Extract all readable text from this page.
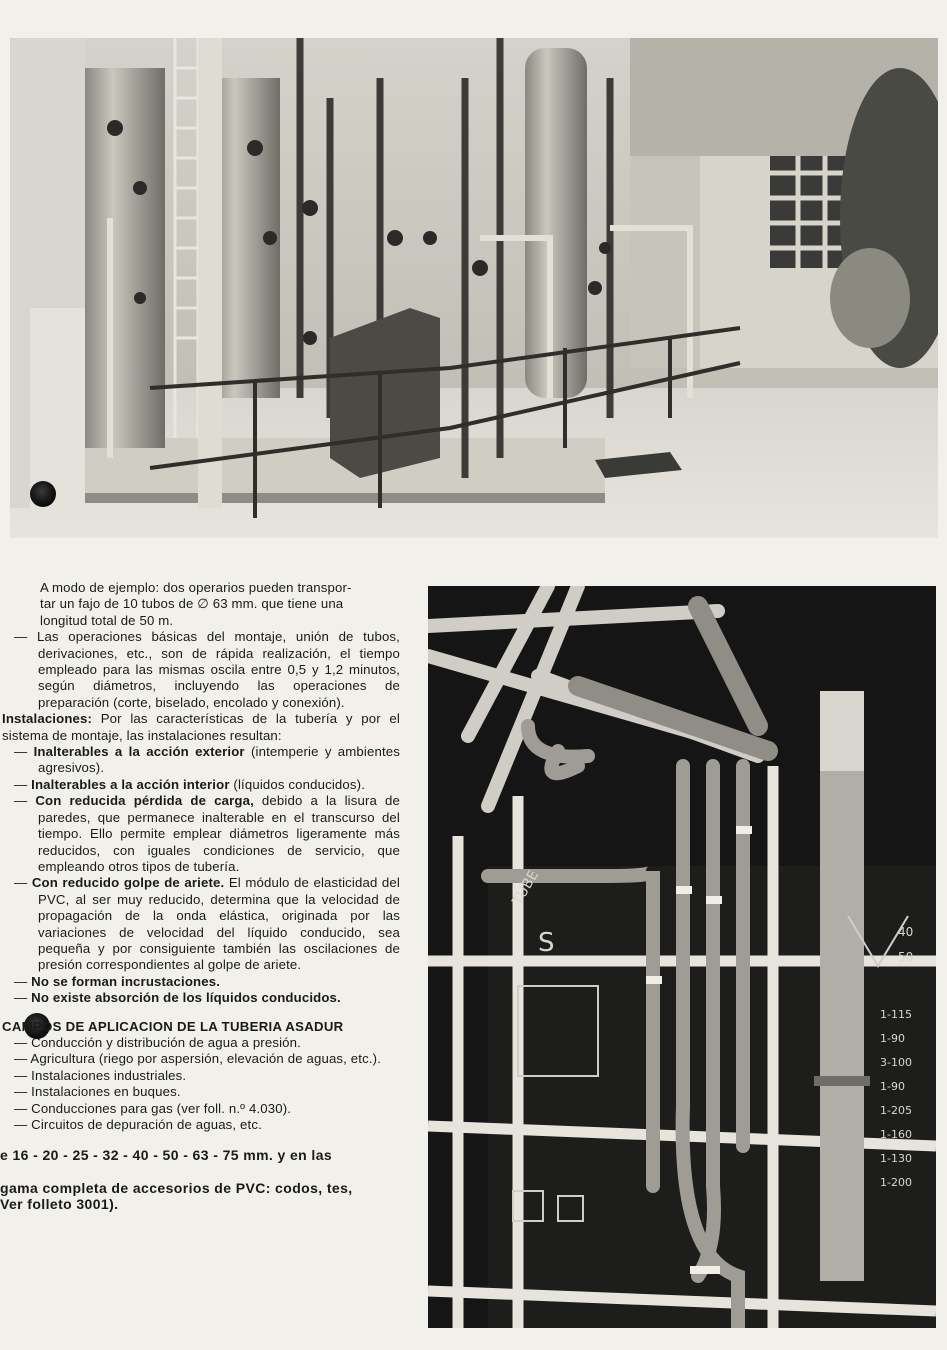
A modo de ejemplo: dos operarios pueden transpor-

tar un fajo de 10 tubos de ∅ 63 mm. que tiene una

longitud total de 50 m.

— Las operaciones básicas del montaje, unión de tubos, derivaciones, etc., son de rápida realización, el tiempo empleado para las mismas oscila entre 0,5 y 1,2 minutos, según diámetros, incluyendo las operaciones de preparación (corte, biselado, encolado y conexión).

Instalaciones: Por las características de la tubería y por el sistema de montaje, las instalaciones resultan:

— Inalterables a la acción exterior (intemperie y ambientes agresivos).

— Inalterables a la acción interior (líquidos conducidos).

— Con reducida pérdida de carga, debido a la lisura de paredes, que permanece inalterable en el transcurso del tiempo. Ello permite emplear diámetros ligeramente más reducidos, con iguales condiciones de servicio, que empleando otros tipos de tubería.

— Con reducido golpe de ariete. El módulo de elasticidad del PVC, al ser muy reducido, determina que la velocidad de propagación de la onda elástica, originada por las variaciones de velocidad del líquido conducido, sea pequeña y por consiguiente también las oscilaciones de presión correspondientes al golpe de ariete.

— No se forman incrustaciones.

— No existe absorción de los líquidos conducidos.

CAMPOS DE APLICACION DE LA TUBERIA ASADUR

— Conducción y distribución de agua a presión.

— Agricultura (riego por aspersión, elevación de aguas, etc.).

— Instalaciones industriales.

— Instalaciones en buques.

— Conducciones para gas (ver foll. n.º 4.030).

— Circuitos de depuración de aguas, etc.

e 16 - 20 - 25 - 32 - 40 - 50 - 63 - 75 mm. y en las

gama completa de accesorios de PVC: codos, tes,

Ver folleto 3001).

TUBE
S	40
50
1-115
1-90
3-100
1-90
1-205
1-160
1-130
1-200
